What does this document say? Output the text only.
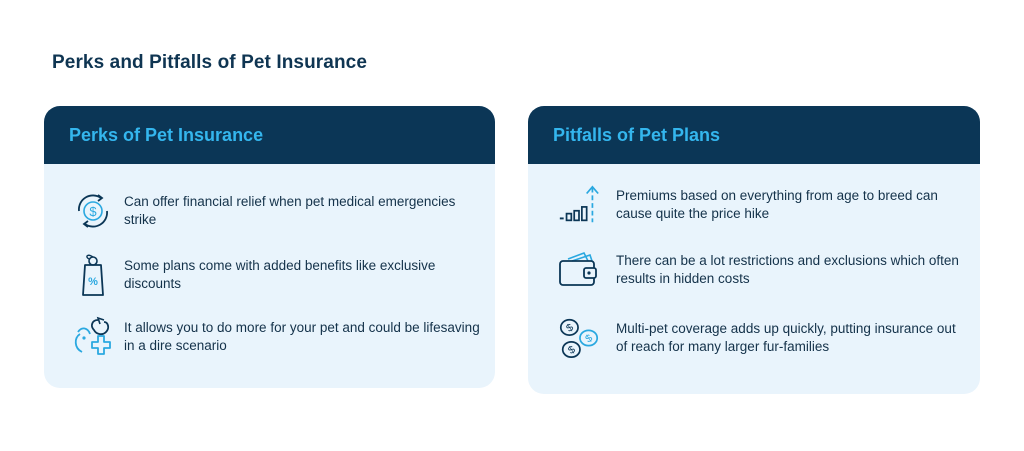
Perks and Pitfalls of Pet Insurance
Perks of Pet Insurance
$
Can offer financial relief when pet medical emergencies strike
%
Some plans come with added benefits like exclusive discounts
It allows you to do more for your pet and could be lifesaving in a dire scenario
Pitfalls of Pet Plans
Premiums based on everything from age to breed can cause quite the price hike
There can be a lot restrictions and exclusions which often results in hidden costs
$
$
$
Multi-pet coverage adds up quickly, putting insurance out of reach for many larger fur-families
